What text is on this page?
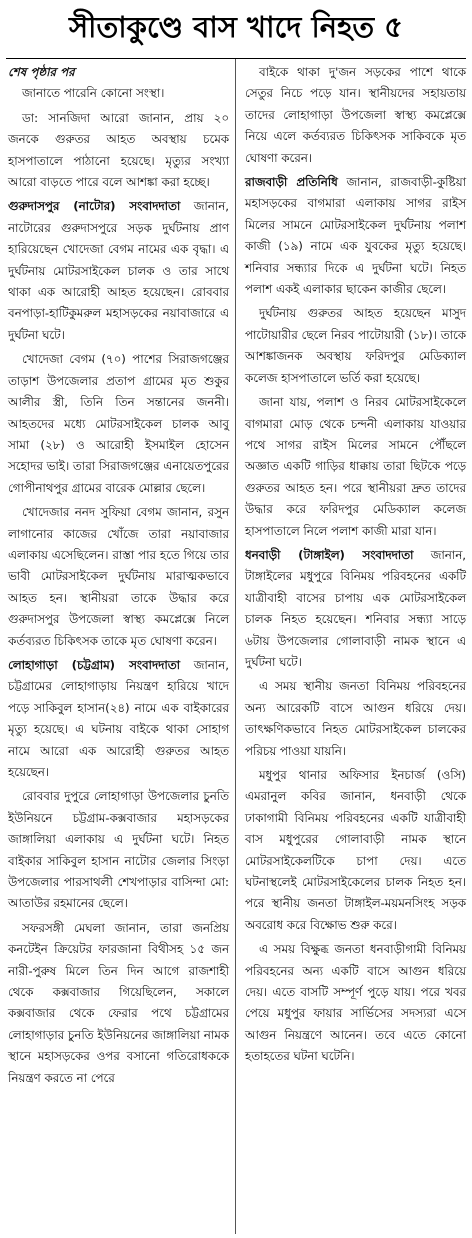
সীতাকুণ্ডে বাস খাদে নিহত ৫
শেষ পৃষ্ঠার পর
জানাতে পারেনি কোনো সংস্থা।
ডা: সানজিদা আরো জানান, প্রায় ২০ জনকে গুরুতর আহত অবস্থায় চমেক হাসপাতালে পাঠানো হয়েছে। মৃত্যুর সংখ্যা আরো বাড়তে পারে বলে আশঙ্কা করা হচ্ছে।
গুরুদাসপুর (নাটোর) সংবাদদাতা জানান, নাটোরের গুরুদাসপুরে সড়ক দুর্ঘটনায় প্রাণ হারিয়েছেন খোদেজা বেগম নামের এক বৃদ্ধা। এ দুর্ঘটনায় মোটরসাইকেল চালক ও তার সাথে থাকা এক আরোহী আহত হয়েছেন। রোববার বনপাড়া-হাটিকুমরুল মহাসড়কের নয়াবাজারে এ দুর্ঘটনা ঘটে।
খোদেজা বেগম (৭০) পাশের সিরাজগঞ্জের তাড়াশ উপজেলার প্রতাপ গ্রামের মৃত শুকুর আলীর স্ত্রী, তিনি তিন সন্তানের জননী। আহতদের মধ্যে মোটরসাইকেল চালক আবু সামা (২৮) ও আরোহী ইসমাইল হোসেন সহোদর ভাই। তারা সিরাজগঞ্জের এনায়েতপুরের গোপীনাথপুর গ্রামের বারেক মোল্লার ছেলে।
খোদেজার ননদ সুফিয়া বেগম জানান, রসুন লাগানোর কাজের খোঁজে তারা নয়াবাজার এলাকায় এসেছিলেন। রাস্তা পার হতে গিয়ে তার ভাবী মোটরসাইকেল দুর্ঘটনায় মারাত্মকভাবে আহত হন। স্থানীয়রা তাকে উদ্ধার করে গুরুদাসপুর উপজেলা স্বাস্থ্য কমপ্লেক্সে নিলে কর্তব্যরত চিকিৎসক তাকে মৃত ঘোষণা করেন।
লোহাগাড়া (চট্টগ্রাম) সংবাদদাতা জানান, চট্টগ্রামের লোহাগাড়ায় নিয়ন্ত্রণ হারিয়ে খাদে পড়ে সাকিবুল হাসান(২৪) নামে এক বাইকারের মৃত্যু হয়েছে। এ ঘটনায় বাইকে থাকা সোহাগ নামে আরো এক আরোহী গুরুতর আহত হয়েছেন।
রোববার দুপুরে লোহাগাড়া উপজেলার চুনতি ইউনিয়নে চট্টগ্রাম-কক্সবাজার মহাসড়কের জাঙ্গালিয়া এলাকায় এ দুর্ঘটনা ঘটে। নিহত বাইকার সাকিবুল হাসান নাটোর জেলার সিংড়া উপজেলার পারসাথলী শেখপাড়ার বাসিন্দা মো: আতাউর রহমানের ছেলে।
সফরসঙ্গী মেঘলা জানান, তারা জনপ্রিয় কনটেইন ক্রিয়েটর ফারজানা বিথীসহ ১৫ জন নারী-পুরুষ মিলে তিন দিন আগে রাজশাহী থেকে কক্সবাজার গিয়েছিলেন, সকালে কক্সবাজার থেকে ফেরার পথে চট্টগ্রামের লোহাগাড়ার চুনতি ইউনিয়নের জাঙ্গালিয়া নামক স্থানে মহাসড়কের ওপর বসানো গতিরোধককে নিয়ন্ত্রণ করতে না পেরে
বাইকে থাকা দু'জন সড়কের পাশে থাকে সেতুর নিচে পড়ে যান। স্থানীয়দের সহায়তায় তাদের লোহাগাড়া উপজেলা স্বাস্থ্য কমপ্লেক্সে নিয়ে এলে কর্তব্যরত চিকিৎসক সাকিবকে মৃত ঘোষণা করেন।
রাজবাড়ী প্রতিনিধি জানান, রাজবাড়ী-কুষ্টিয়া মহাসড়কের বাগমারা এলাকায় সাগর রাইস মিলের সামনে মোটরসাইকেল দুর্ঘটনায় পলাশ কাজী (১৯) নামে এক যুবকের মৃত্যু হয়েছে। শনিবার সন্ধ্যার দিকে এ দুর্ঘটনা ঘটে। নিহত পলাশ একই এলাকার ছাকেন কাজীর ছেলে।
দুর্ঘটনায় গুরুতর আহত হয়েছেন মাসুদ পাটোয়ারীর ছেলে নিরব পাটোয়ারী (১৮)। তাকে আশঙ্কাজনক অবস্থায় ফরিদপুর মেডিক্যাল কলেজ হাসপাতালে ভর্তি করা হয়েছে।
জানা যায়, পলাশ ও নিরব মোটরসাইকেলে বাগমারা মোড় থেকে চন্দনী এলাকায় যাওয়ার পথে সাগর রাইস মিলের সামনে পৌঁছলে অজ্ঞাত একটি গাড়ির ধাক্কায় তারা ছিটকে পড়ে গুরুতর আহত হন। পরে স্থানীয়রা দ্রুত তাদের উদ্ধার করে ফরিদপুর মেডিক্যাল কলেজ হাসপাতালে নিলে পলাশ কাজী মারা যান।
ধনবাড়ী (টাঙ্গাইল) সংবাদদাতা জানান, টাঙ্গাইলের মধুপুরে বিনিময় পরিবহনের একটি যাত্রীবাহী বাসের চাপায় এক মোটরসাইকেল চালক নিহত হয়েছেন। শনিবার সন্ধ্যা সাড়ে ৬টায় উপজেলার গোলাবাড়ী নামক স্থানে এ দুর্ঘটনা ঘটে।
এ সময় স্থানীয় জনতা বিনিময় পরিবহনের অন্য আরেকটি বাসে আগুন ধরিয়ে দেয়। তাৎক্ষণিকভাবে নিহত মোটরসাইকেল চালকের পরিচয় পাওয়া যায়নি।
মধুপুর থানার অফিসার ইনচার্জ (ওসি) এমরানুল কবির জানান, ধনবাড়ী থেকে ঢাকাগামী বিনিময় পরিবহনের একটি যাত্রীবাহী বাস মধুপুরের গোলাবাড়ী নামক স্থানে মোটরসাইকেলটিকে চাপা দেয়। এতে ঘটনাস্থলেই মোটরসাইকেলের চালক নিহত হন। পরে স্থানীয় জনতা টাঙ্গাইল-ময়মনসিংহ সড়ক অবরোধ করে বিক্ষোভ শুরু করে।
এ সময় বিক্ষুব্ধ জনতা ধনবাড়ীগামী বিনিময় পরিবহনের অন্য একটি বাসে আগুন ধরিয়ে দেয়। এতে বাসটি সম্পূর্ণ পুড়ে যায়। পরে খবর পেয়ে মধুপুর ফায়ার সার্ভিসের সদস্যরা এসে আগুন নিয়ন্ত্রণে আনেন। তবে এতে কোনো হতাহতের ঘটনা ঘটেনি।
